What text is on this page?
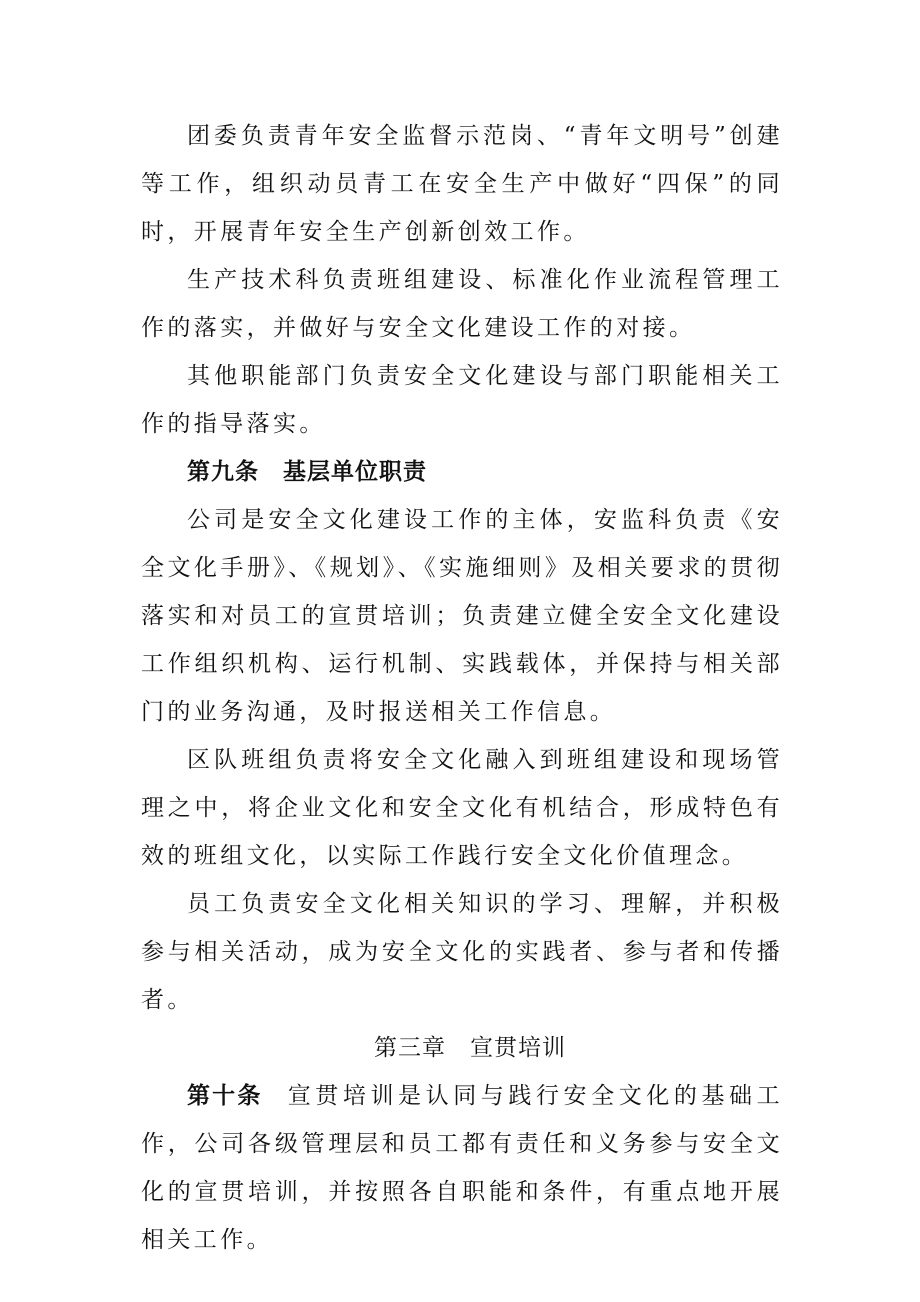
团委负责青年安全监督示范岗、“青年文明号”创建等工作，组织动员青工在安全生产中做好“四保”的同时，开展青年安全生产创新创效工作。

生产技术科负责班组建设、标准化作业流程管理工作的落实，并做好与安全文化建设工作的对接。

其他职能部门负责安全文化建设与部门职能相关工作的指导落实。

第九条 基层单位职责

公司是安全文化建设工作的主体，安监科负责《安全文化手册》、《规划》、《实施细则》及相关要求的贯彻落实和对员工的宣贯培训；负责建立健全安全文化建设工作组织机构、运行机制、实践载体，并保持与相关部门的业务沟通，及时报送相关工作信息。

区队班组负责将安全文化融入到班组建设和现场管理之中，将企业文化和安全文化有机结合，形成特色有效的班组文化，以实际工作践行安全文化价值理念。

员工负责安全文化相关知识的学习、理解，并积极参与相关活动，成为安全文化的实践者、参与者和传播者。

第三章 宣贯培训

第十条 宣贯培训是认同与践行安全文化的基础工作，公司各级管理层和员工都有责任和义务参与安全文化的宣贯培训，并按照各自职能和条件，有重点地开展相关工作。
